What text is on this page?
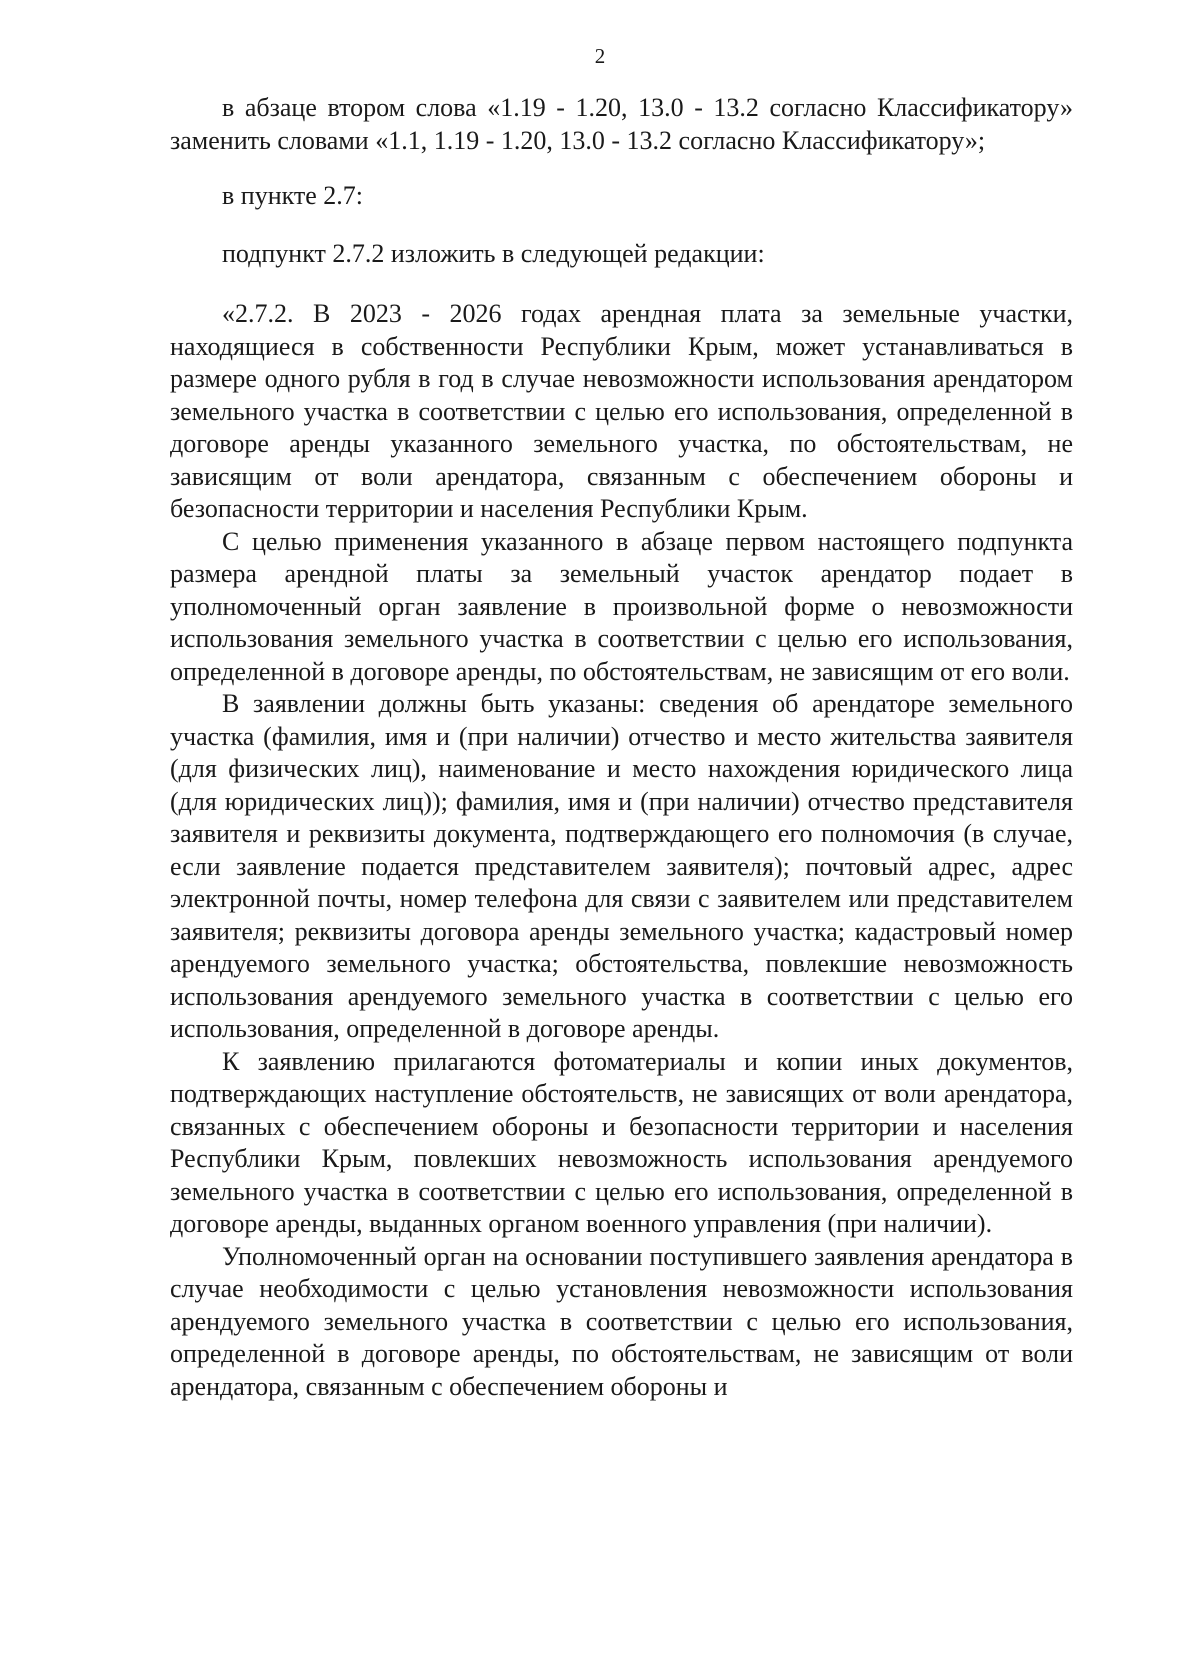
2

в абзаце втором слова «1.19 - 1.20, 13.0 - 13.2 согласно Классификатору» заменить словами «1.1, 1.19 - 1.20, 13.0 - 13.2 согласно Классификатору»;

в пункте 2.7:

подпункт 2.7.2 изложить в следующей редакции:

«2.7.2. В 2023 - 2026 годах арендная плата за земельные участки, находящиеся в собственности Республики Крым, может устанавливаться в размере одного рубля в год в случае невозможности использования арендатором земельного участка в соответствии с целью его использования, определенной в договоре аренды указанного земельного участка, по обстоятельствам, не зависящим от воли арендатора, связанным с обеспечением обороны и безопасности территории и населения Республики Крым.

С целью применения указанного в абзаце первом настоящего подпункта размера арендной платы за земельный участок арендатор подает в уполномоченный орган заявление в произвольной форме о невозможности использования земельного участка в соответствии с целью его использования, определенной в договоре аренды, по обстоятельствам, не зависящим от его воли.

В заявлении должны быть указаны: сведения об арендаторе земельного участка (фамилия, имя и (при наличии) отчество и место жительства заявителя (для физических лиц), наименование и место нахождения юридического лица (для юридических лиц)); фамилия, имя и (при наличии) отчество представителя заявителя и реквизиты документа, подтверждающего его полномочия (в случае, если заявление подается представителем заявителя); почтовый адрес, адрес электронной почты, номер телефона для связи с заявителем или представителем заявителя; реквизиты договора аренды земельного участка; кадастровый номер арендуемого земельного участка; обстоятельства, повлекшие невозможность использования арендуемого земельного участка в соответствии с целью его использования, определенной в договоре аренды.

К заявлению прилагаются фотоматериалы и копии иных документов, подтверждающих наступление обстоятельств, не зависящих от воли арендатора, связанных с обеспечением обороны и безопасности территории и населения Республики Крым, повлекших невозможность использования арендуемого земельного участка в соответствии с целью его использования, определенной в договоре аренды, выданных органом военного управления (при наличии).

Уполномоченный орган на основании поступившего заявления арендатора в случае необходимости с целью установления невозможности использования арендуемого земельного участка в соответствии с целью его использования, определенной в договоре аренды, по обстоятельствам, не зависящим от воли арендатора, связанным с обеспечением обороны и
